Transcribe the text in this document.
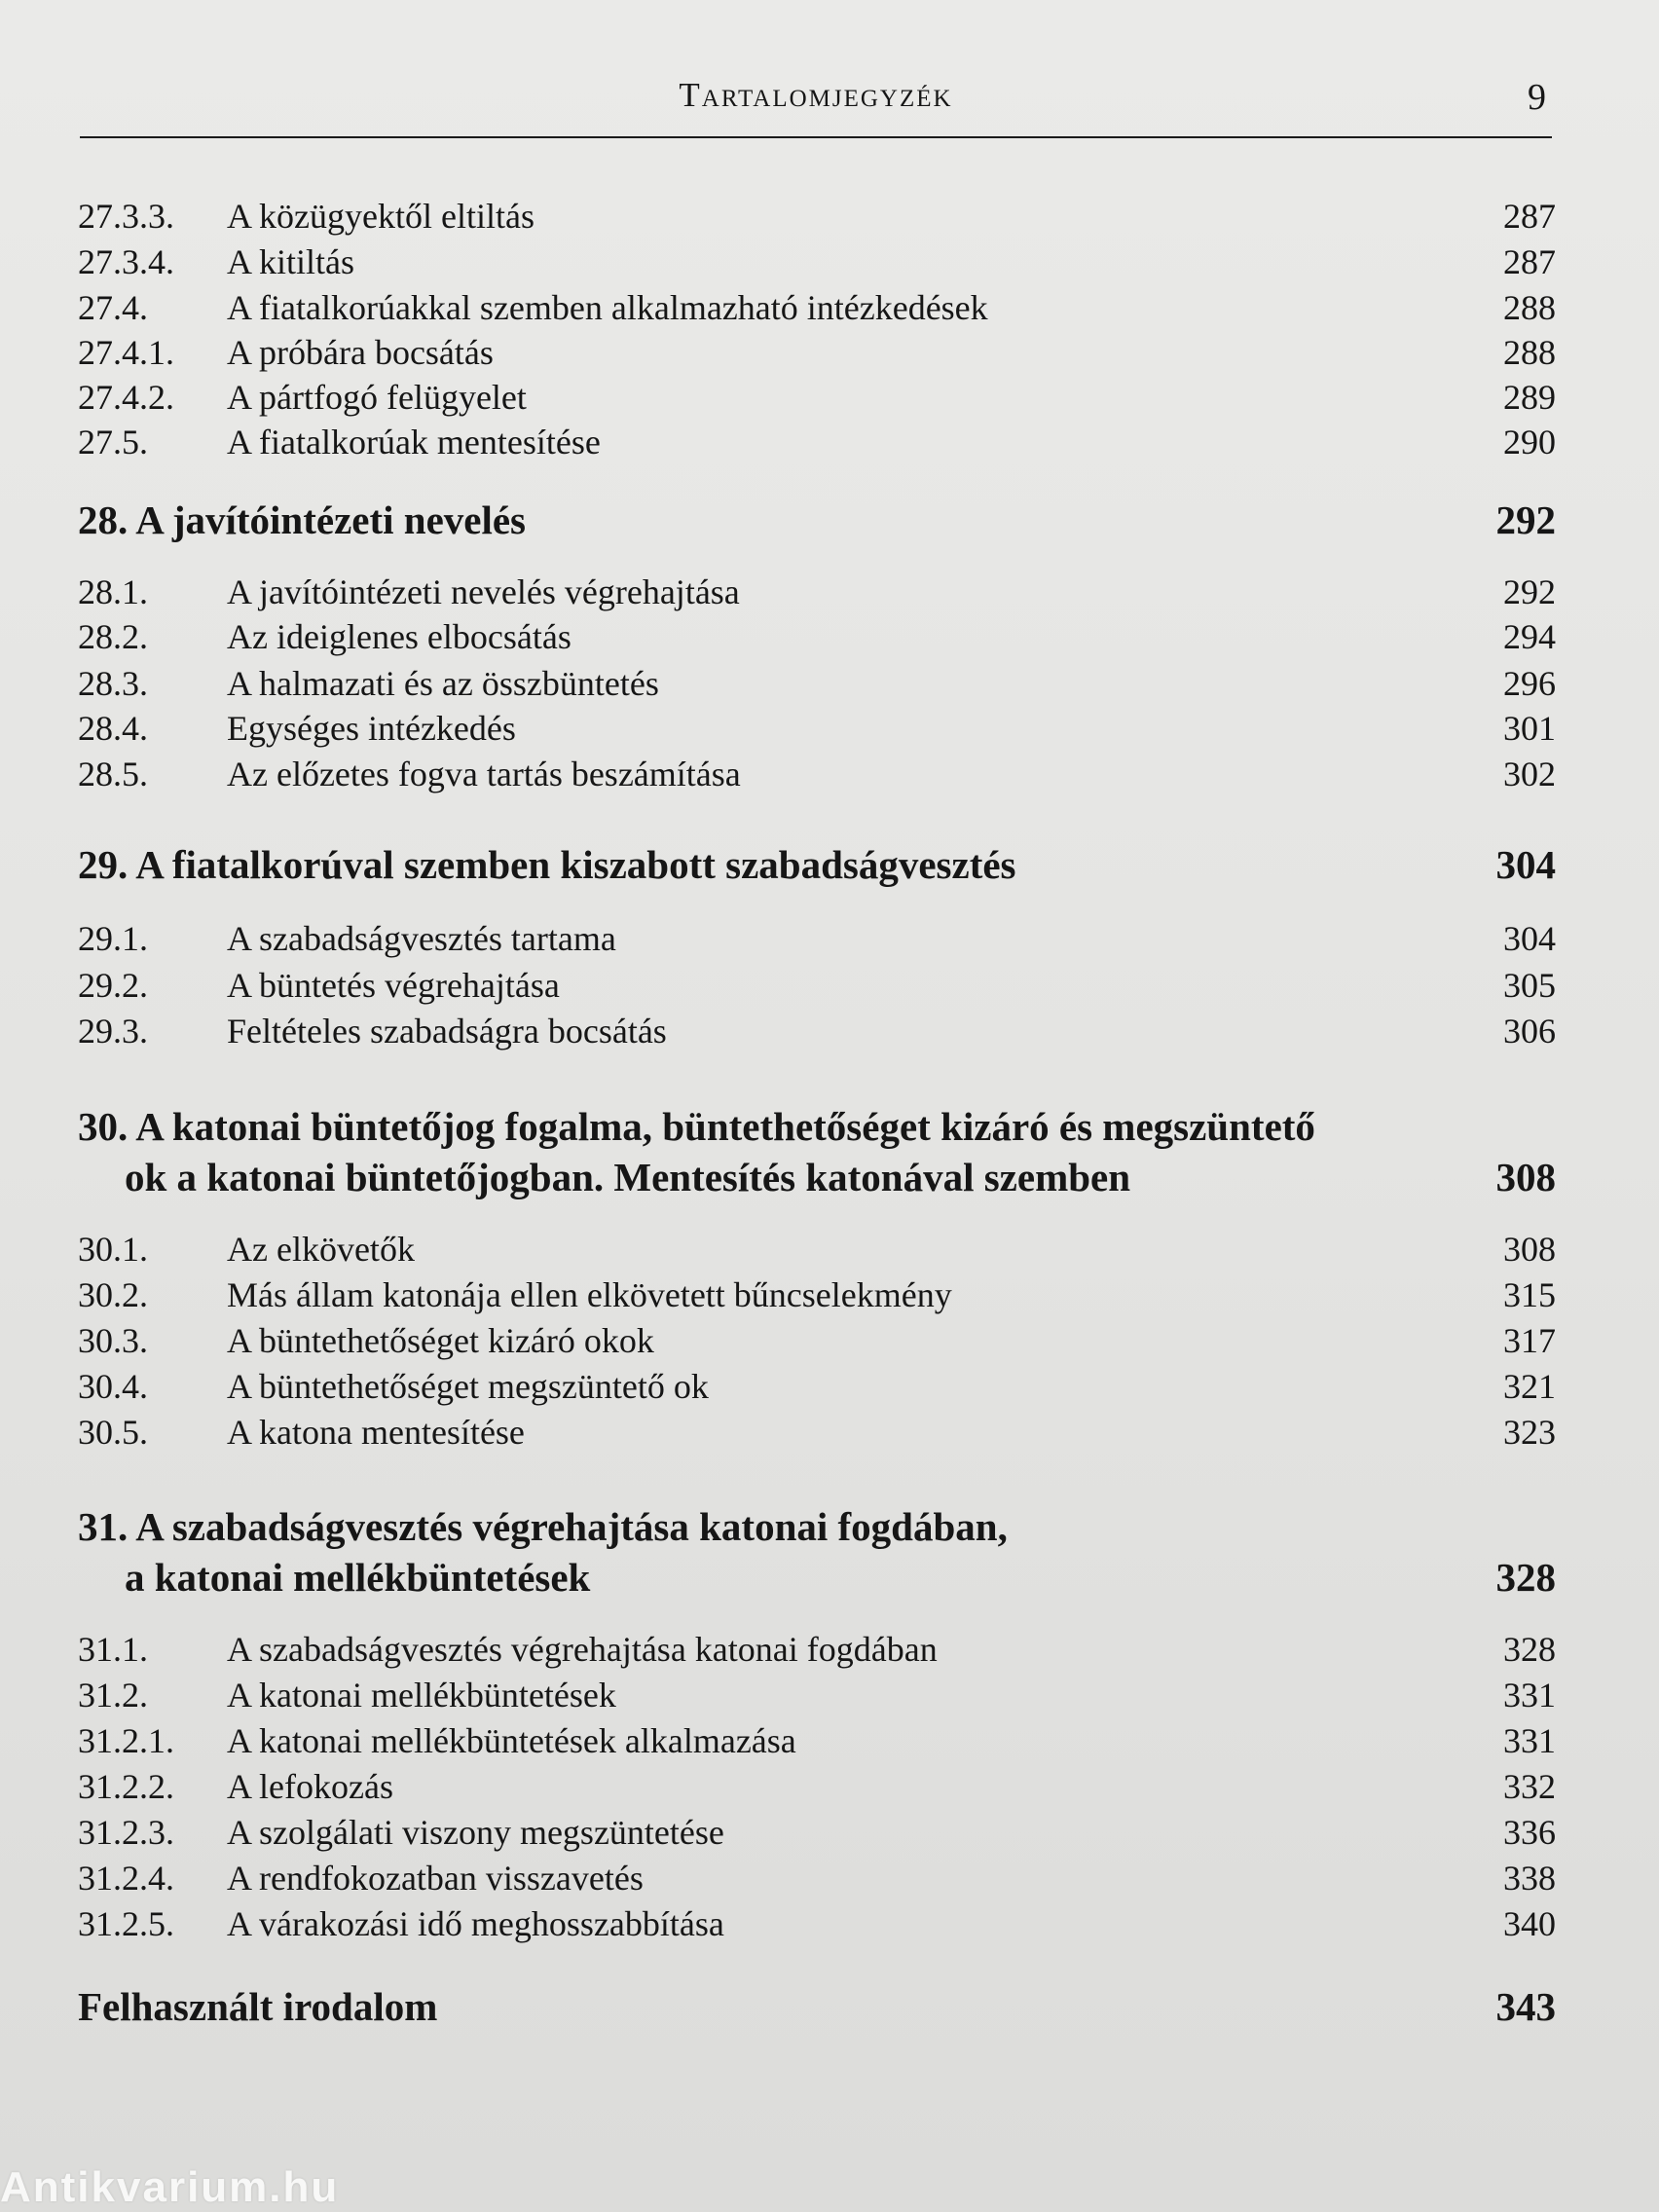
Tartalomjegyzék	9
27.3.3. A közügyektől eltiltás	287
27.3.4. A kitiltás	287
27.4. A fiatalkorúakkal szemben alkalmazható intézkedések	288
27.4.1. A próbára bocsátás	288
27.4.2. A pártfogó felügyelet	289
27.5. A fiatalkorúak mentesítése	290
28. A javítóintézeti nevelés	292
28.1. A javítóintézeti nevelés végrehajtása	292
28.2. Az ideiglenes elbocsátás	294
28.3. A halmazati és az összbüntetés	296
28.4. Egységes intézkedés	301
28.5. Az előzetes fogva tartás beszámítása	302
29. A fiatalkorúval szemben kiszabott szabadságvesztés	304
29.1. A szabadságvesztés tartama	304
29.2. A büntetés végrehajtása	305
29.3. Feltételes szabadságra bocsátás	306
30. A katonai büntetőjog fogalma, büntethetőséget kizáró és megszüntető
ok a katonai büntetőjogban. Mentesítés katonával szemben	308
30.1. Az elkövetők	308
30.2. Más állam katonája ellen elkövetett bűncselekmény	315
30.3. A büntethetőséget kizáró okok	317
30.4. A büntethetőséget megszüntető ok	321
30.5. A katona mentesítése	323
31. A szabadságvesztés végrehajtása katonai fogdában,
a katonai mellékbüntetések	328
31.1. A szabadságvesztés végrehajtása katonai fogdában	328
31.2. A katonai mellékbüntetések	331
31.2.1. A katonai mellékbüntetések alkalmazása	331
31.2.2. A lefokozás	332
31.2.3. A szolgálati viszony megszüntetése	336
31.2.4. A rendfokozatban visszavetés	338
31.2.5. A várakozási idő meghosszabbítása	340
Felhasznált irodalom	343
Antikvarium.hu
